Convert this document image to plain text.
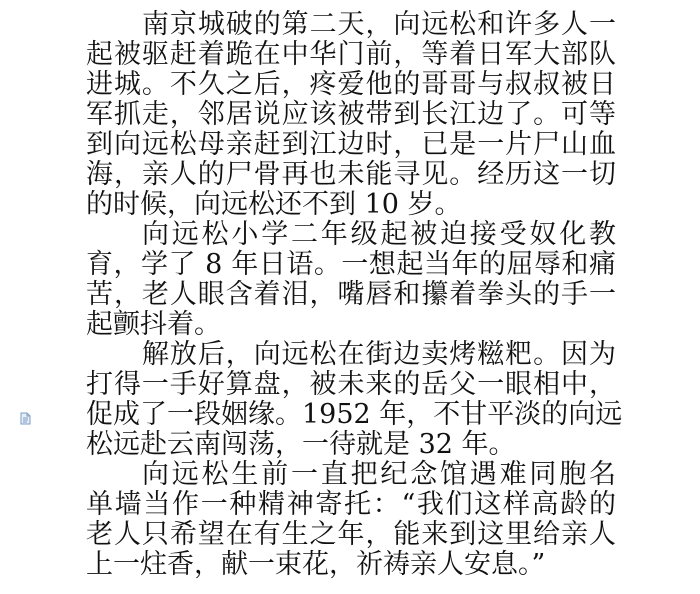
南京城破的第二天，向远松和许多人一
起被驱赶着跪在中华门前，等着日军大部队
进城。不久之后，疼爱他的哥哥与叔叔被日
军抓走，邻居说应该被带到长江边了。可等
到向远松母亲赶到江边时，已是一片尸山血
海，亲人的尸骨再也未能寻见。经历这一切
的时候，向远松还不到 10 岁。
向远松小学二年级起被迫接受奴化教
育，学了 8 年日语。一想起当年的屈辱和痛
苦，老人眼含着泪，嘴唇和攥着拳头的手一
起颤抖着。
解放后，向远松在街边卖烤糍粑。因为
打得一手好算盘，被未来的岳父一眼相中，
促成了一段姻缘。1952 年，不甘平淡的向远
松远赴云南闯荡，一待就是 32 年。
向远松生前一直把纪念馆遇难同胞名
单墙当作一种精神寄托：“我们这样高龄的
老人只希望在有生之年，能来到这里给亲人
上一炷香，献一束花，祈祷亲人安息。”
